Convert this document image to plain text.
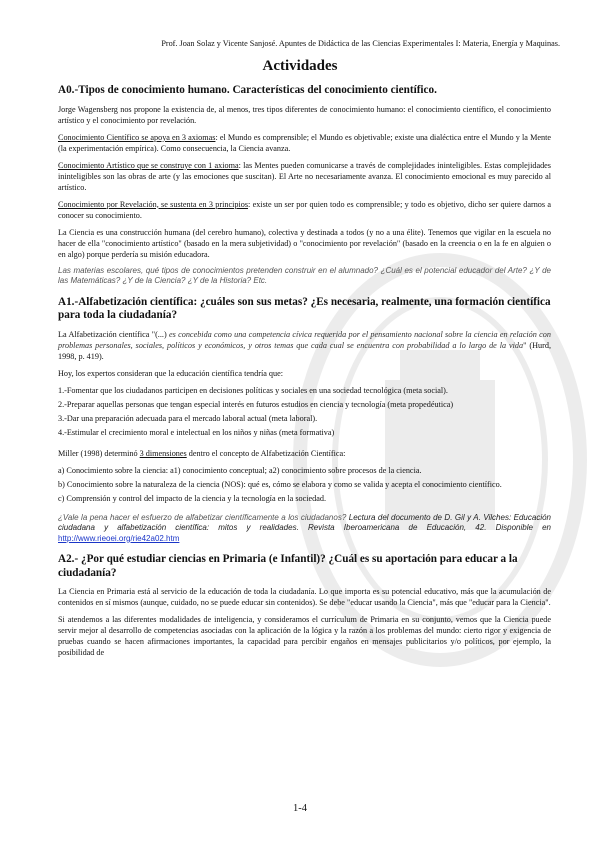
Prof. Joan Solaz y Vicente Sanjosé. Apuntes de Didáctica de las Ciencias Experimentales I: Materia, Energía y Maquinas.
Actividades
A0.-Tipos de conocimiento humano. Características del conocimiento científico.

Jorge Wagensberg nos propone la existencia de, al menos, tres tipos diferentes de conocimiento humano: el conocimiento científico, el conocimiento artístico y el conocimiento por revelación.

Conocimiento Científico se apoya en 3 axiomas: el Mundo es comprensible; el Mundo es objetivable; existe una dialéctica entre el Mundo y la Mente (la experimentación empírica). Como consecuencia, la Ciencia avanza.

Conocimiento Artístico que se construye con 1 axioma: las Mentes pueden comunicarse a través de complejidades ininteligibles. Estas complejidades ininteligibles son las obras de arte (y las emociones que suscitan). El Arte no necesariamente avanza. El conocimiento emocional es muy parecido al artístico.

Conocimiento por Revelación, se sustenta en 3 principios: existe un ser por quien todo es comprensible; y todo es objetivo, dicho ser quiere darnos a conocer su conocimiento.

La Ciencia es una construcción humana (del cerebro humano), colectiva y destinada a todos (y no a una élite). Tenemos que vigilar en la escuela no hacer de ella "conocimiento artístico" (basado en la mera subjetividad) o "conocimiento por revelación" (basado en la creencia o en la fe en alguien o en algo) porque perdería su misión educadora.

Las materias escolares, qué tipos de conocimientos pretenden construir en el alumnado? ¿Cuál es el potencial educador del Arte? ¿Y de las Matemáticas? ¿Y de la Ciencia? ¿Y de la Historia? Etc.

A1.-Alfabetización científica: ¿cuáles son sus metas? ¿Es necesaria, realmente, una formación científica para toda la ciudadanía?

La Alfabetización científica "(...) es concebida como una competencia cívica requerida por el pensamiento nacional sobre la ciencia en relación con problemas personales, sociales, políticos y económicos, y otros temas que cada cual se encuentra con probabilidad a lo largo de la vida" (Hurd, 1998, p. 419).

Hoy, los expertos consideran que la educación científica tendría que:

1.-Fomentar que los ciudadanos participen en decisiones políticas y sociales en una sociedad tecnológica (meta social).

2.-Preparar aquellas personas que tengan especial interés en futuros estudios en ciencia y tecnología (meta propedéutica)

3.-Dar una preparación adecuada para el mercado laboral actual (meta laboral).

4.-Estimular el crecimiento moral e intelectual en los niños y niñas (meta formativa)

Miller (1998) determinó 3 dimensiones dentro el concepto de Alfabetización Científica:

a) Conocimiento sobre la ciencia: a1) conocimiento conceptual; a2) conocimiento sobre procesos de la ciencia.

b) Conocimiento sobre la naturaleza de la ciencia (NOS): qué es, cómo se elabora y como se valida y acepta el conocimiento científico.

c) Comprensión y control del impacto de la ciencia y la tecnología en la sociedad.

¿Vale la pena hacer el esfuerzo de alfabetizar científicamente a los ciudadanos? Lectura del documento de D. Gil y A. Vilches: Educación ciudadana y alfabetización científica: mitos y realidades. Revista Iberoamericana de Educación, 42. Disponible en http://www.rieoei.org/rie42a02.htm

A2.- ¿Por qué estudiar ciencias en Primaria (e Infantil)? ¿Cuál es su aportación para educar a la ciudadanía?

La Ciencia en Primaria está al servicio de la educación de toda la ciudadanía. Lo que importa es su potencial educativo, más que la acumulación de contenidos en sí mismos (aunque, cuidado, no se puede educar sin contenidos). Se debe "educar usando la Ciencia", más que "educar para la Ciencia".

Si atendemos a las diferentes modalidades de inteligencia, y consideramos el currículum de Primaria en su conjunto, vemos que la Ciencia puede servir mejor al desarrollo de competencias asociadas con la aplicación de la lógica y la razón a los problemas del mundo: cierto rigor y exigencia de pruebas cuando se hacen afirmaciones importantes, la capacidad para percibir engaños en mensajes publicitarios y/o políticos, por ejemplo, la posibilidad de

1-4
